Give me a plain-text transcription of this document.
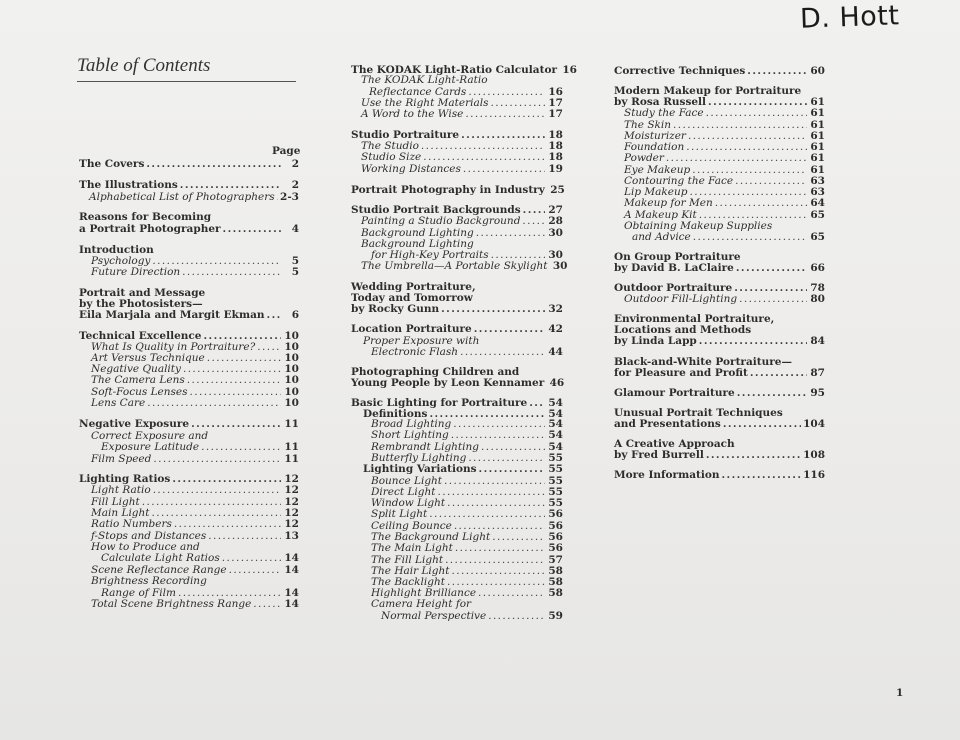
D. Hott
Table of Contents
Page
1
The Covers .....	2
The Illustrations .....	2
Alphabetical List of Photographers ..... 2-3
Reasons for Becoming
a Portrait Photographer .....	4
Introduction
Psychology .....	5
Future Direction .....	5
Portrait and Message
by the Photosisters—
Eila Marjala and Margit Ekman .....	6
Technical Excellence .....	10
What Is Quality in Portraiture? .....	10
Art Versus Technique .....	10
Negative Quality .....	10
The Camera Lens .....	10
Soft-Focus Lenses .....	10
Lens Care .....	10
Negative Exposure .....	11
Correct Exposure and
Exposure Latitude .....	11
Film Speed .....	11
Lighting Ratios .....	12
Light Ratio .....	12
Fill Light .....	12
Main Light .....	12
Ratio Numbers .....	12
f-Stops and Distances .....	13
How to Produce and
Calculate Light Ratios .....	14
Scene Reflectance Range .....	14
Brightness Recording
Range of Film .....	14
Total Scene Brightness Range .....	14
The KODAK Light-Ratio Calculator 16
The KODAK Light-Ratio
Reflectance Cards .....	16
Use the Right Materials .....	17
A Word to the Wise .....	17
Studio Portraiture .....	18
The Studio .....	18
Studio Size .....	18
Working Distances .....	19
Portrait Photography in Industry 25
Studio Portrait Backgrounds .....	27
Painting a Studio Background .....	28
Background Lighting .....	30
Background Lighting
for High-Key Portraits .....	30
The Umbrella—A Portable Skylight 30
Wedding Portraiture,
Today and Tomorrow
by Rocky Gunn .....	32
Location Portraiture .....	42
Proper Exposure with
Electronic Flash .....	44
Photographing Children and
Young People by Leon Kennamer 46
Basic Lighting for Portraiture ..... 54
Definitions .....	54
Broad Lighting .....	54
Short Lighting .....	54
Rembrandt Lighting .....	54
Butterfly Lighting .....	55
Lighting Variations .....	55
Bounce Light .....	55
Direct Light .....	55
Window Light .....	55
Split Light .....	56
Ceiling Bounce .....	56
The Background Light .....	56
The Main Light .....	56
The Fill Light .....	57
The Hair Light .....	58
The Backlight .....	58
Highlight Brilliance .....	58
Camera Height for
Normal Perspective .....	59
Corrective Techniques .....	60
Modern Makeup for Portraiture
by Rosa Russell .....	61
Study the Face .....	61
The Skin .....	61
Moisturizer .....	61
Foundation .....	61
Powder .....	61
Eye Makeup .....	61
Contouring the Face .....	63
Lip Makeup .....	63
Makeup for Men .....	64
A Makeup Kit .....	65
Obtaining Makeup Supplies
and Advice .....	65
On Group Portraiture
by David B. LaClaire .....	66
Outdoor Portraiture .....	78
Outdoor Fill-Lighting .....	80
Environmental Portraiture,
Locations and Methods
by Linda Lapp .....	84
Black-and-White Portraiture—
for Pleasure and Profit .....	87
Glamour Portraiture .....	95
Unusual Portrait Techniques
and Presentations .....	104
A Creative Approach
by Fred Burrell .....	108
More Information .....	116
